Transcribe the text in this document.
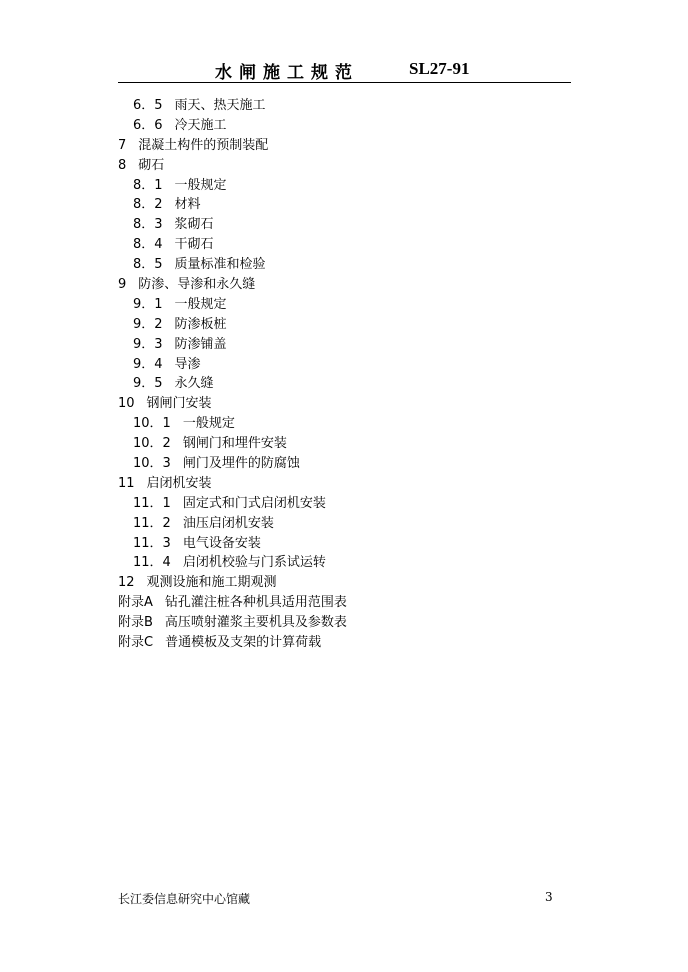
水闸施工规范	SL27-91
6．5 雨天、热天施工
6．6 冷天施工
7 混凝土构件的预制装配
8 砌石
8．1 一般规定
8．2 材料
8．3 浆砌石
8．4 干砌石
8．5 质量标准和检验
9 防渗、导渗和永久缝
9．1 一般规定
9．2 防渗板桩
9．3 防渗铺盖
9．4 导渗
9．5 永久缝
10 钢闸门安装
10．1 一般规定
10．2 钢闸门和埋件安装
10．3 闸门及埋件的防腐蚀
11 启闭机安装
11．1 固定式和门式启闭机安装
11．2 油压启闭机安装
11．3 电气设备安装
11．4 启闭机校验与门系试运转
12 观测设施和施工期观测
附录A 钻孔灌注桩各种机具适用范围表
附录B 高压喷射灌浆主要机具及参数表
附录C 普通模板及支架的计算荷载
长江委信息研究中心馆藏	3
